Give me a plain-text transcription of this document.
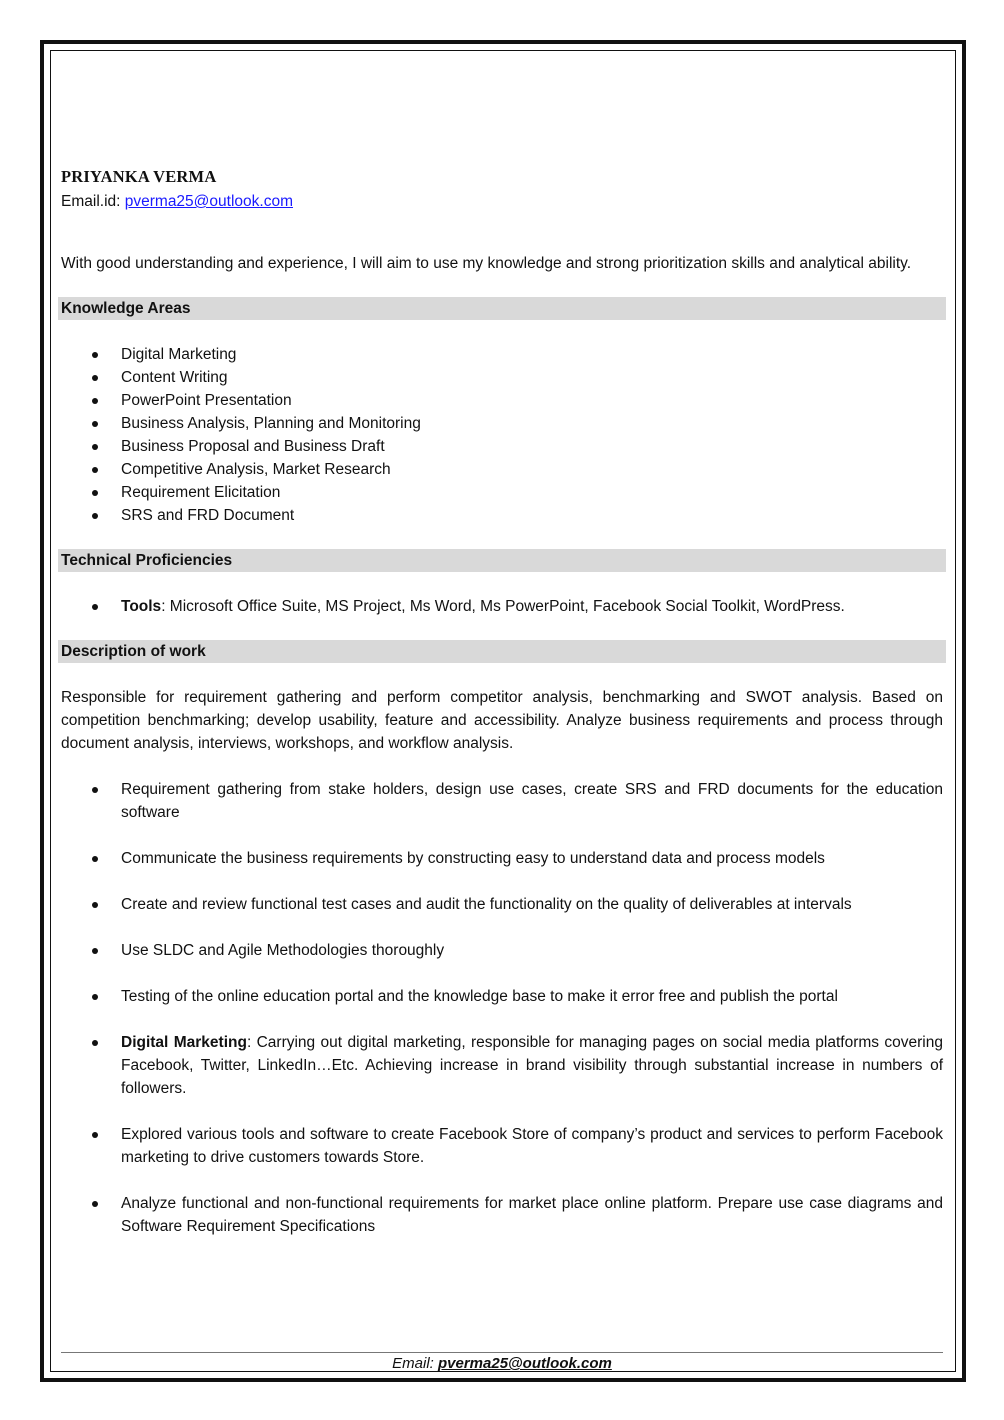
PRIYANKA VERMA

Email.id: pverma25@outlook.com

With good understanding and experience, I will aim to use my knowledge and strong prioritization skills and analytical ability.

Knowledge Areas
Digital Marketing
Content Writing
PowerPoint Presentation
Business Analysis, Planning and Monitoring
Business Proposal and Business Draft
Competitive Analysis, Market Research
Requirement Elicitation
SRS and FRD Document
Technical Proficiencies
Tools: Microsoft Office Suite, MS Project, Ms Word, Ms PowerPoint, Facebook Social Toolkit, WordPress.
Description of work

Responsible for requirement gathering and perform competitor analysis, benchmarking and SWOT analysis. Based on competition benchmarking; develop usability, feature and accessibility. Analyze business requirements and process through document analysis, interviews, workshops, and workflow analysis.

Requirement gathering from stake holders, design use cases, create SRS and FRD documents for the education software
Communicate the business requirements by constructing easy to understand data and process models
Create and review functional test cases and audit the functionality on the quality of deliverables at intervals
Use SLDC and Agile Methodologies thoroughly
Testing of the online education portal and the knowledge base to make it error free and publish the portal
Digital Marketing: Carrying out digital marketing, responsible for managing pages on social media platforms covering Facebook, Twitter, LinkedIn…Etc. Achieving increase in brand visibility through substantial increase in numbers of followers.
Explored various tools and software to create Facebook Store of company’s product and services to perform Facebook marketing to drive customers towards Store.
Analyze functional and non-functional requirements for market place online platform. Prepare use case diagrams and Software Requirement Specifications
Email: pverma25@outlook.com
